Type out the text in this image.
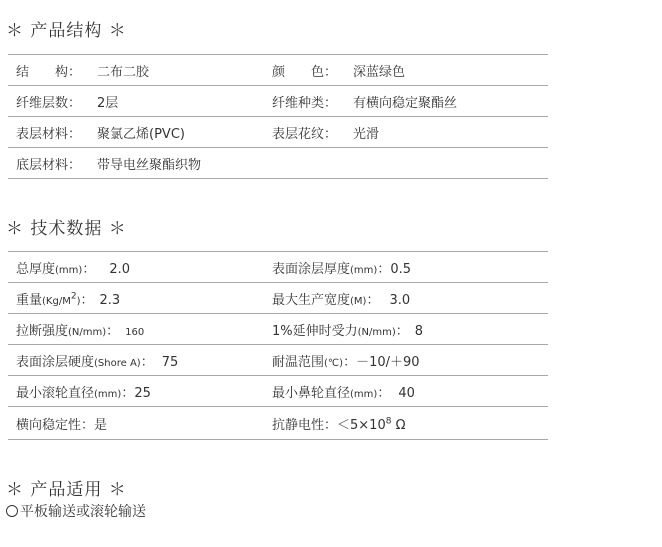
＊ 产品结构 ＊
结　　构： 二布二胶	颜　　色： 深蓝绿色
纤维层数： 2层	纤维种类： 有横向稳定聚酯丝
表层材料： 聚氯乙烯(PVC)	表层花纹： 光滑
底层材料： 带导电丝聚酯织物
＊ 技术数据 ＊
总厚度(mm)： 2.0	表面涂层厚度(mm)：0.5
重量$(Kg/M^2)$： 2.3	最大生产宽度(M)： 3.0
拉断强度(N/mm)： 160	1%延伸时受力(N/mm)： 8
表面涂层硬度(Shore A)： 75	耐温范围(℃)：－10/＋90
最小滚轮直径(mm)：25	最小鼻轮直径(mm)： 40
横向稳定性：是	抗静电性：$<5\times 10^8$ Ω
＊ 产品适用 ＊
平板输送或滚轮输送
